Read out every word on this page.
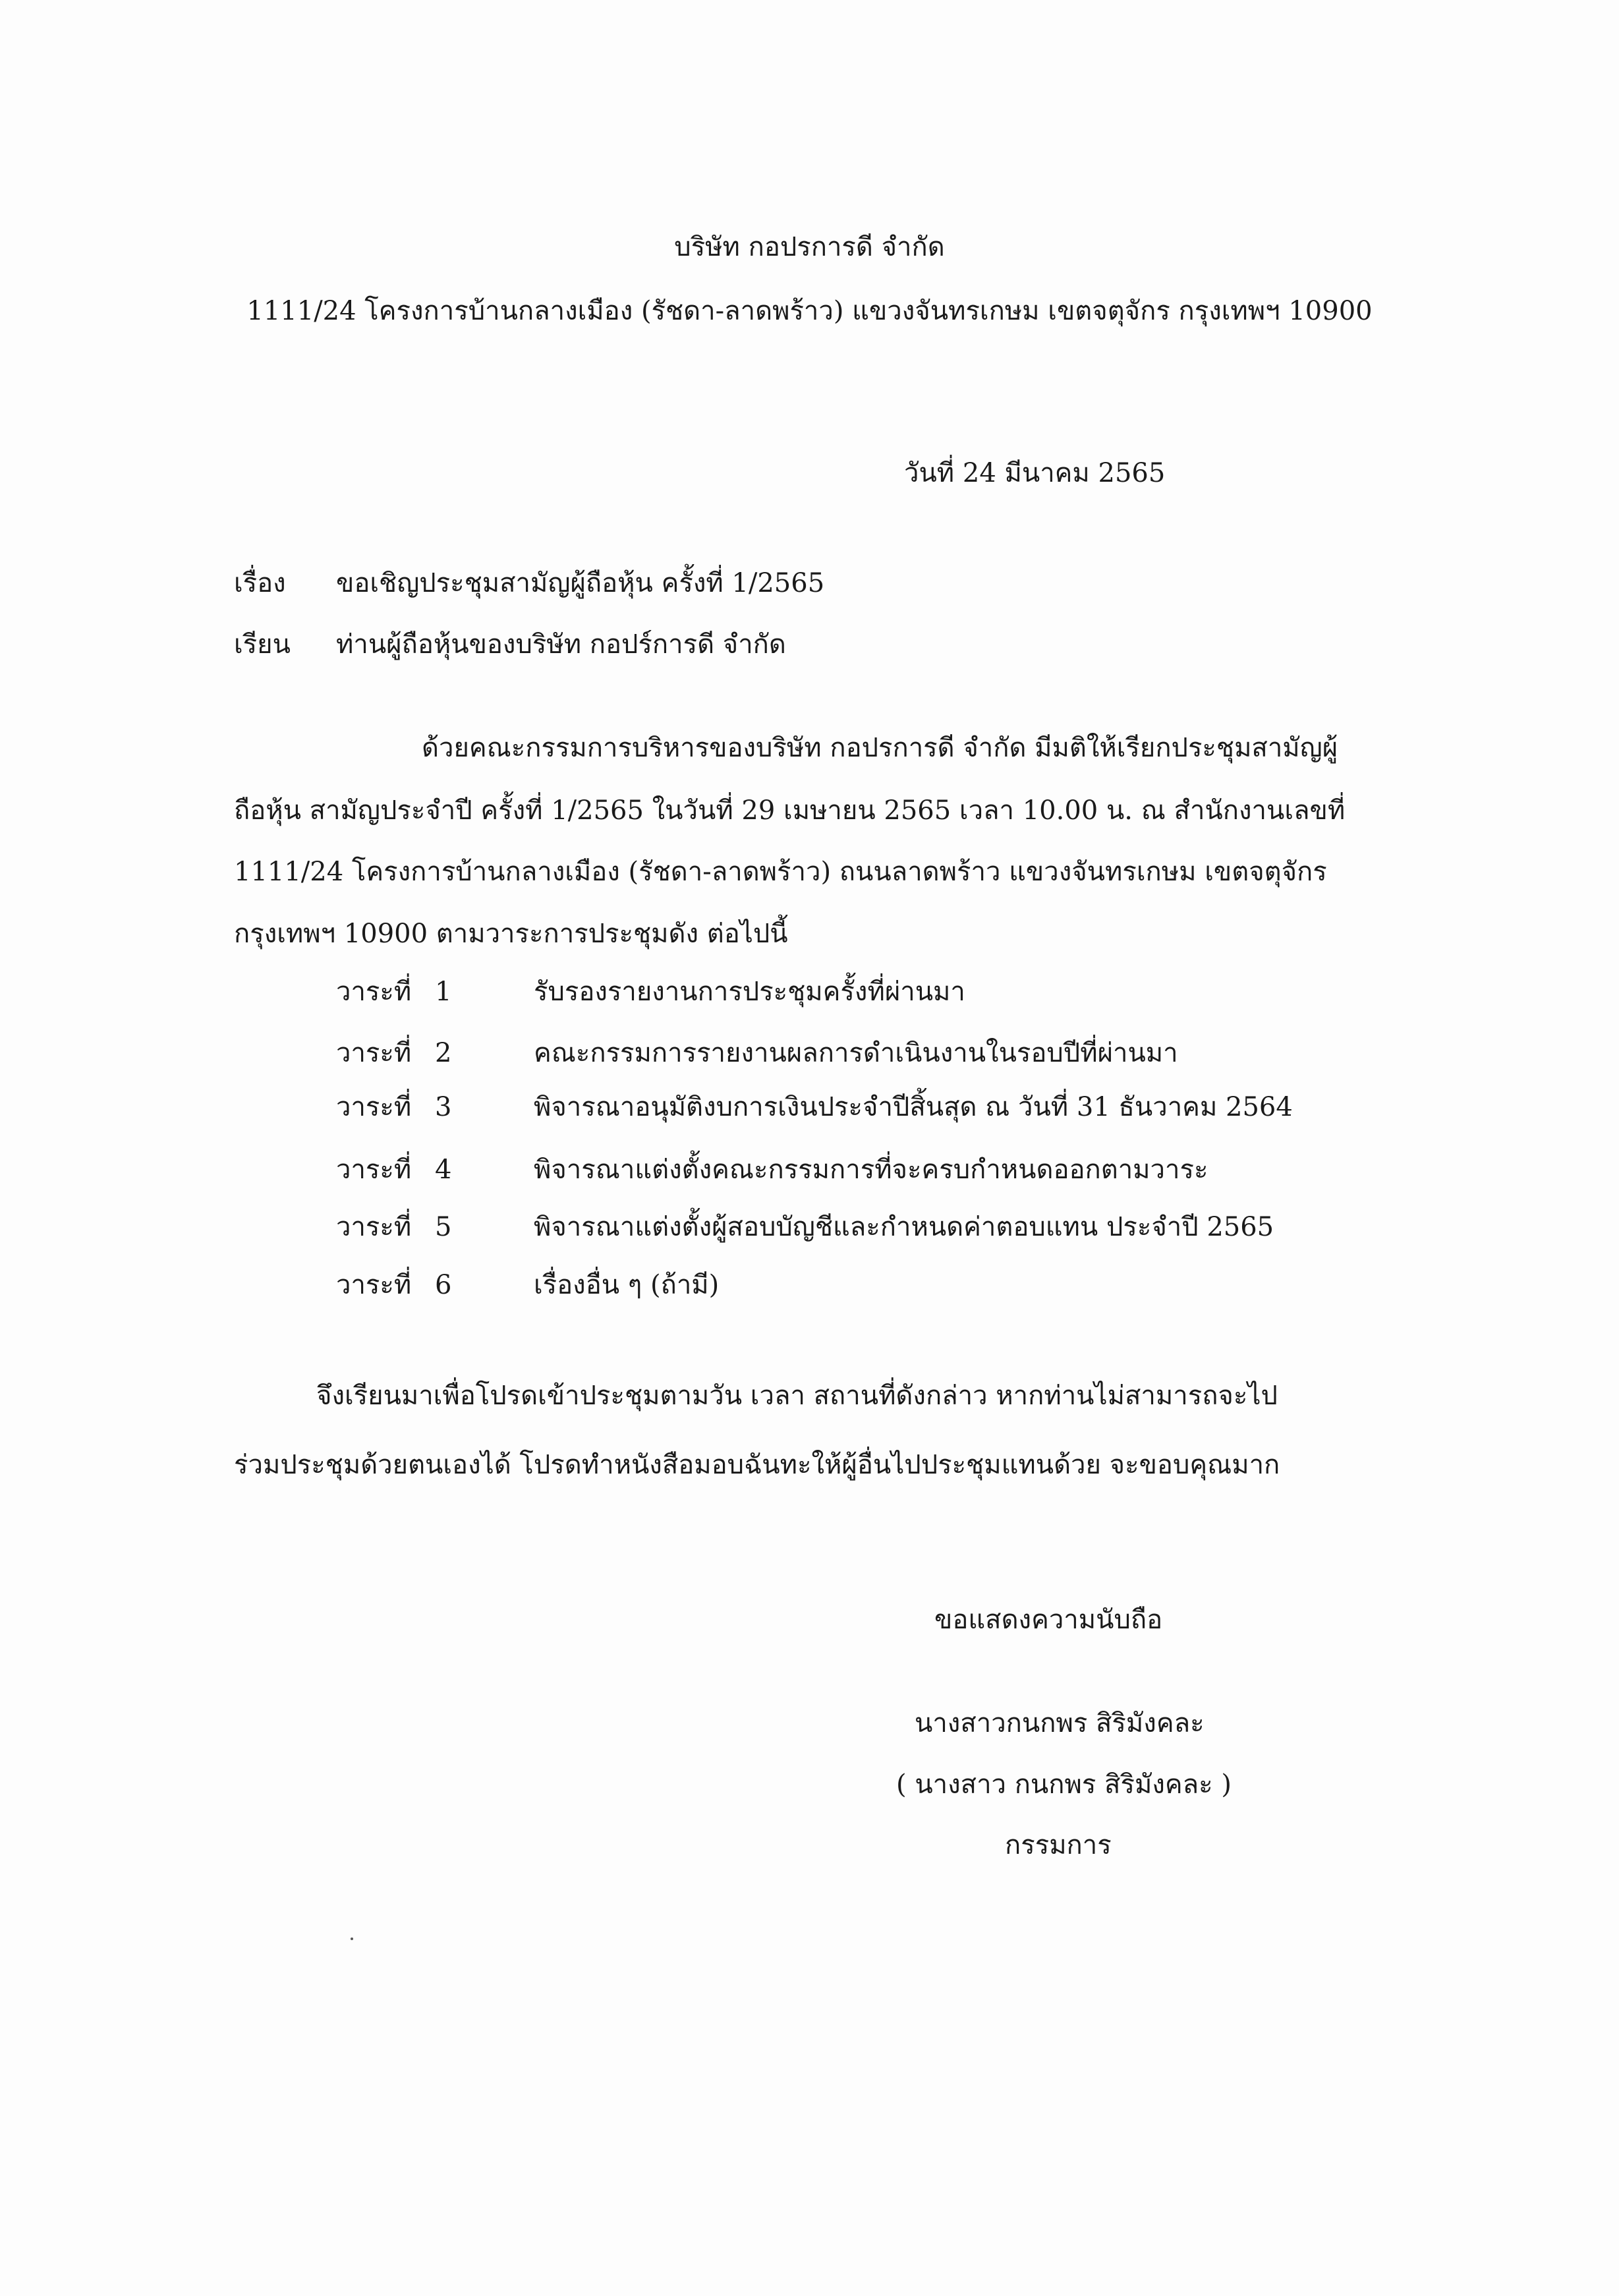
บริษัท กอปรการดี จำกัด
1111/24 โครงการบ้านกลางเมือง (รัชดา-ลาดพร้าว) แขวงจันทรเกษม เขตจตุจักร กรุงเทพฯ 10900
วันที่ 24 มีนาคม 2565
เรื่อง ขอเชิญประชุมสามัญผู้ถือหุ้น ครั้งที่ 1/2565
เรียน ท่านผู้ถือหุ้นของบริษัท กอปร์การดี จำกัด
ด้วยคณะกรรมการบริหารของบริษัท กอปรการดี จำกัด มีมติให้เรียกประชุมสามัญผู้
ถือหุ้น สามัญประจำปี ครั้งที่ 1/2565 ในวันที่ 29 เมษายน 2565 เวลา 10.00 น. ณ สำนักงานเลขที่
1111/24 โครงการบ้านกลางเมือง (รัชดา-ลาดพร้าว) ถนนลาดพร้าว แขวงจันทรเกษม เขตจตุจักร
กรุงเทพฯ 10900 ตามวาระการประชุมดัง ต่อไปนี้
วาระที่ 1	รับรองรายงานการประชุมครั้งที่ผ่านมา
วาระที่ 2	คณะกรรมการรายงานผลการดำเนินงานในรอบปีที่ผ่านมา
วาระที่ 3	พิจารณาอนุมัติงบการเงินประจำปีสิ้นสุด ณ วันที่ 31 ธันวาคม 2564
วาระที่ 4	พิจารณาแต่งตั้งคณะกรรมการที่จะครบกำหนดออกตามวาระ
วาระที่ 5	พิจารณาแต่งตั้งผู้สอบบัญชีและกำหนดค่าตอบแทน ประจำปี 2565
วาระที่ 6	เรื่องอื่น ๆ (ถ้ามี)
จึงเรียนมาเพื่อโปรดเข้าประชุมตามวัน เวลา สถานที่ดังกล่าว หากท่านไม่สามารถจะไป
ร่วมประชุมด้วยตนเองได้ โปรดทำหนังสือมอบฉันทะให้ผู้อื่นไปประชุมแทนด้วย จะขอบคุณมาก
ขอแสดงความนับถือ
นางสาวกนกพร สิริมังคละ
( นางสาว กนกพร สิริมังคละ )
กรรมการ
